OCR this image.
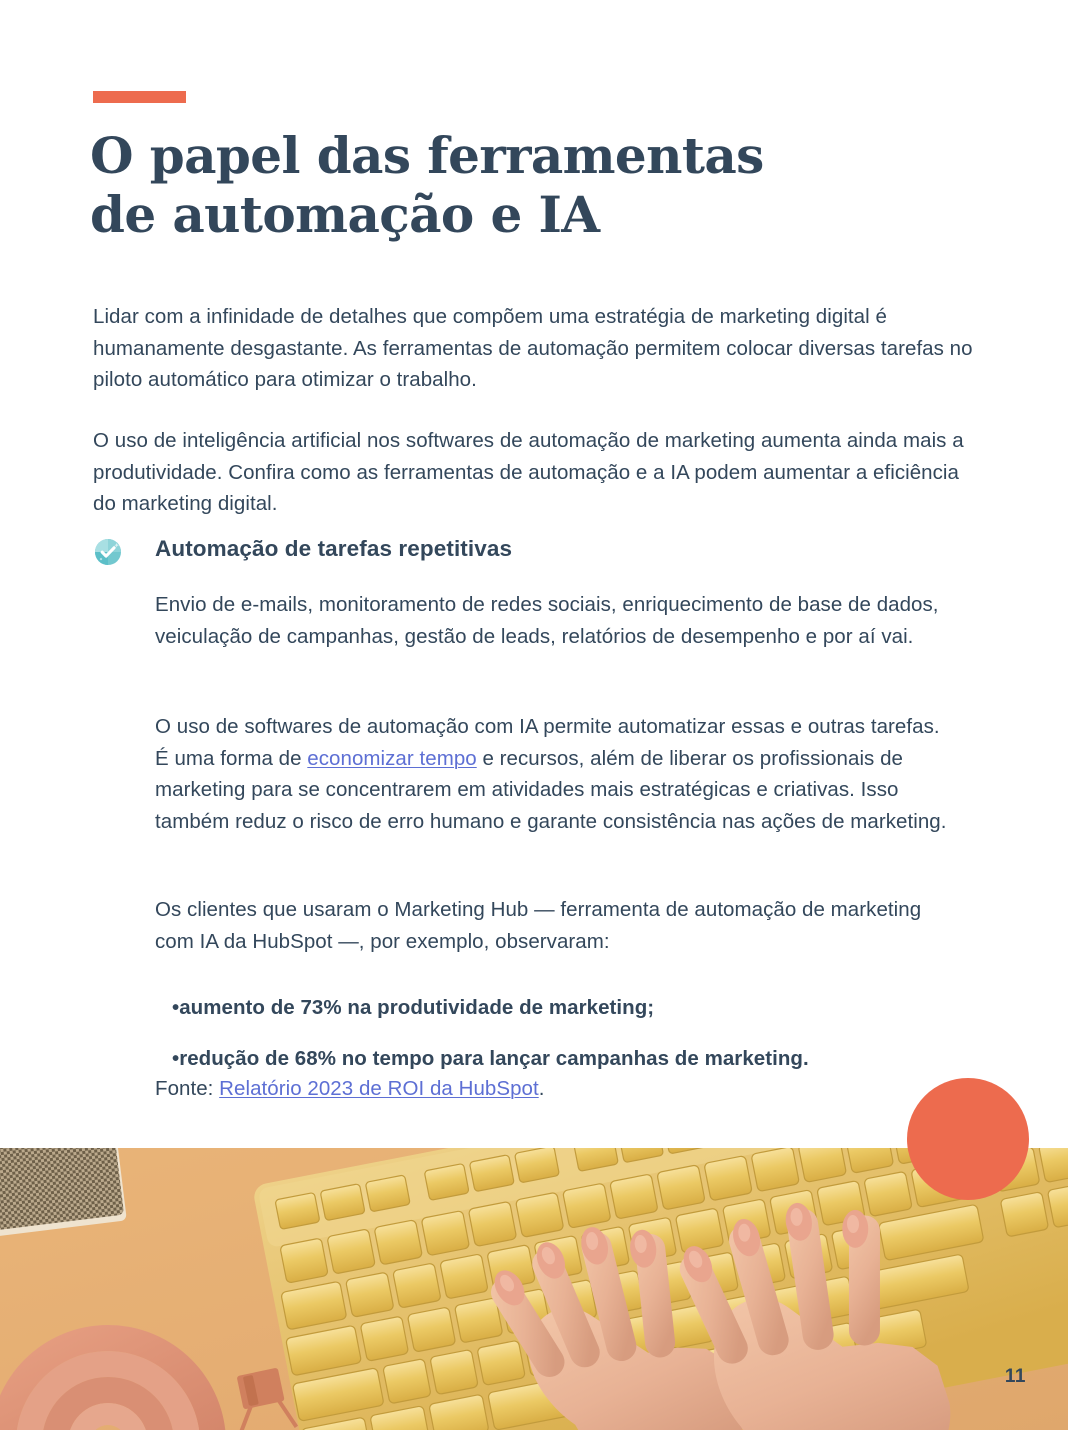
O papel das ferramentas
de automação e IA

Lidar com a infinidade de detalhes que compõem uma estratégia de marketing digital é humanamente desgastante. As ferramentas de automação permitem colocar diversas tarefas no piloto automático para otimizar o trabalho.

O uso de inteligência artificial nos softwares de automação de marketing aumenta ainda mais a produtividade. Confira como as ferramentas de automação e a IA podem aumentar a eficiência do marketing digital.

Automação de tarefas repetitivas

Envio de e-mails, monitoramento de redes sociais, enriquecimento de base de dados, veiculação de campanhas, gestão de leads, relatórios de desempenho e por aí vai.

O uso de softwares de automação com IA permite automatizar essas e outras tarefas. É uma forma de economizar tempo e recursos, além de liberar os profissionais de marketing para se concentrarem em atividades mais estratégicas e criativas. Isso também reduz o risco de erro humano e garante consistência nas ações de marketing.

Os clientes que usaram o Marketing Hub — ferramenta de automação de marketing com IA da HubSpot —, por exemplo, observaram:

•aumento de 73% na produtividade de marketing;
•redução de 68% no tempo para lançar campanhas de marketing.

Fonte: Relatório 2023 de ROI da HubSpot.

11
